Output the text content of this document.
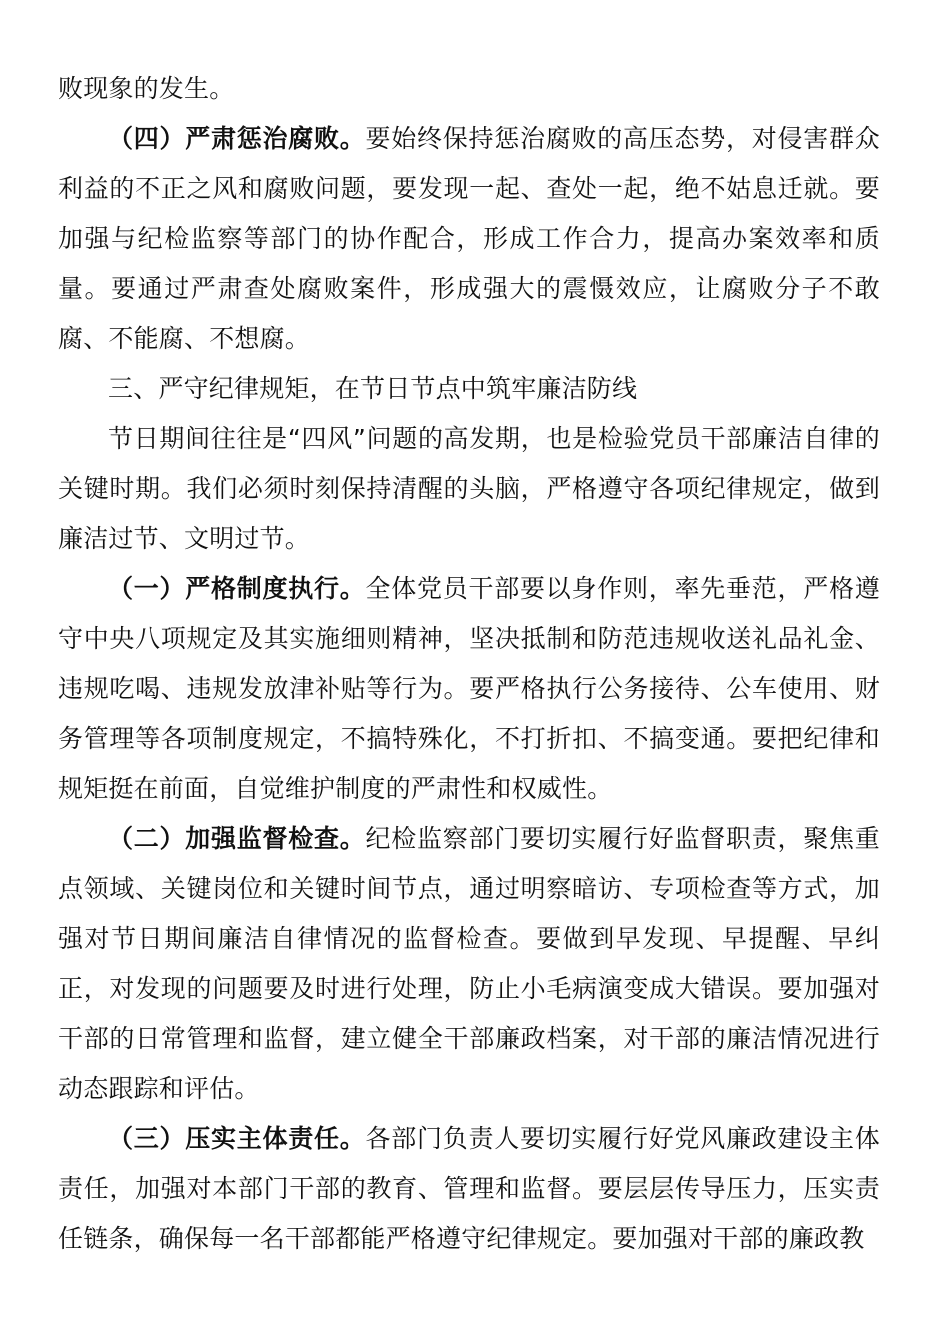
败现象的发生。

（四）严肃惩治腐败。要始终保持惩治腐败的高压态势，对侵害群众利益的不正之风和腐败问题，要发现一起、查处一起，绝不姑息迁就。要加强与纪检监察等部门的协作配合，形成工作合力，提高办案效率和质量。要通过严肃查处腐败案件，形成强大的震慑效应，让腐败分子不敢腐、不能腐、不想腐。

三、严守纪律规矩，在节日节点中筑牢廉洁防线

节日期间往往是“四风”问题的高发期，也是检验党员干部廉洁自律的关键时期。我们必须时刻保持清醒的头脑，严格遵守各项纪律规定，做到廉洁过节、文明过节。

（一）严格制度执行。全体党员干部要以身作则，率先垂范，严格遵守中央八项规定及其实施细则精神，坚决抵制和防范违规收送礼品礼金、违规吃喝、违规发放津补贴等行为。要严格执行公务接待、公车使用、财务管理等各项制度规定，不搞特殊化，不打折扣、不搞变通。要把纪律和规矩挺在前面，自觉维护制度的严肃性和权威性。

（二）加强监督检查。纪检监察部门要切实履行好监督职责，聚焦重点领域、关键岗位和关键时间节点，通过明察暗访、专项检查等方式，加强对节日期间廉洁自律情况的监督检查。要做到早发现、早提醒、早纠正，对发现的问题要及时进行处理，防止小毛病演变成大错误。要加强对干部的日常管理和监督，建立健全干部廉政档案，对干部的廉洁情况进行动态跟踪和评估。

（三）压实主体责任。各部门负责人要切实履行好党风廉政建设主体责任，加强对本部门干部的教育、管理和监督。要层层传导压力，压实责任链条，确保每一名干部都能严格遵守纪律规定。要加强对干部的廉政教
